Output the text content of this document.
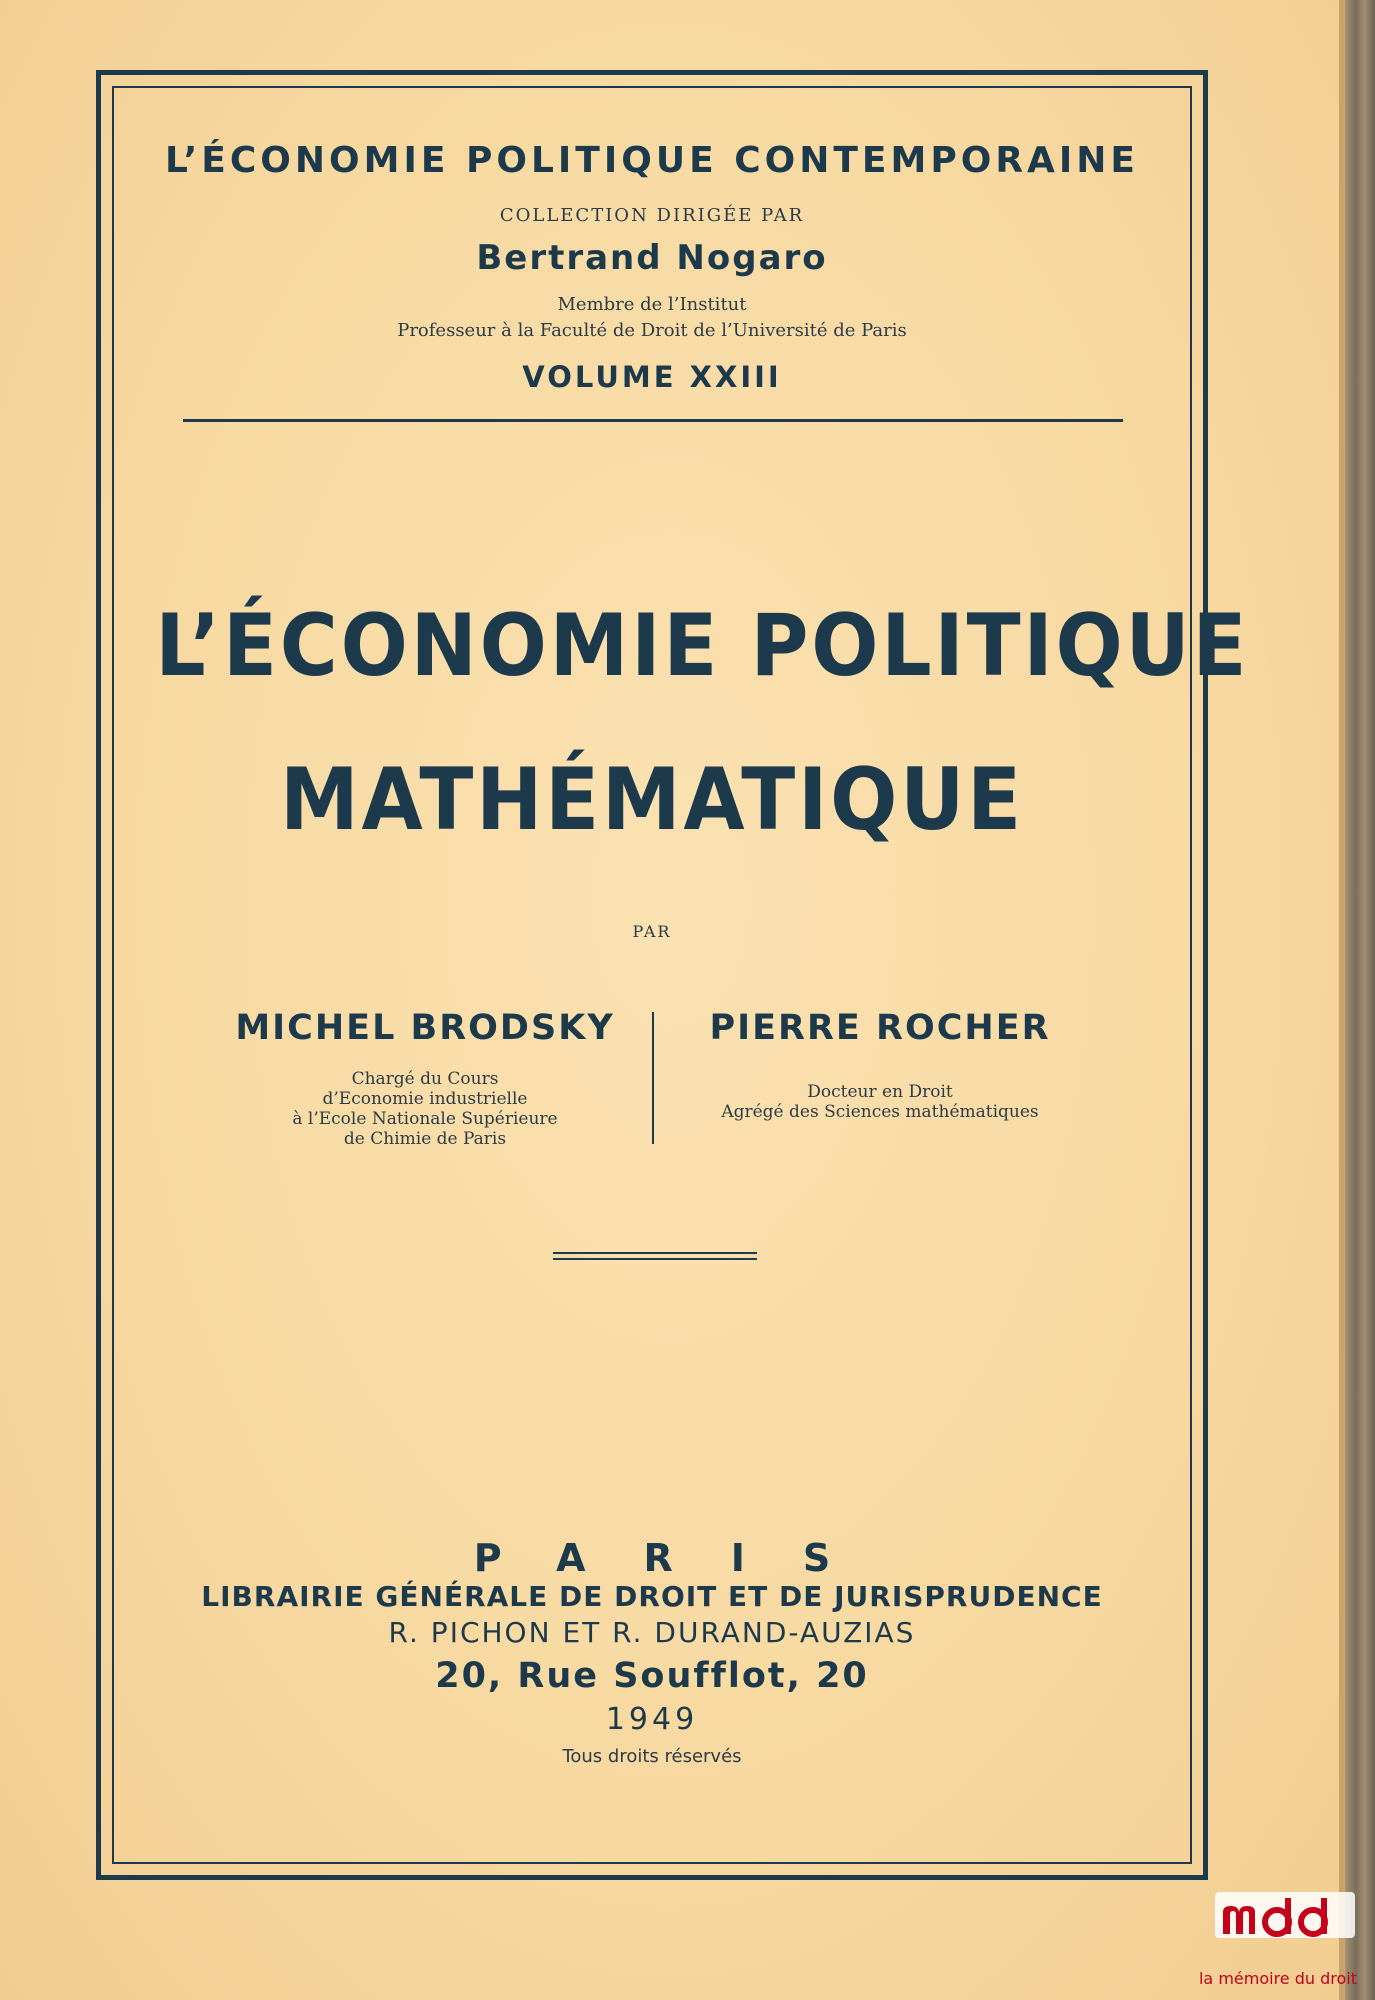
L’ÉCONOMIE POLITIQUE CONTEMPORAINE
COLLECTION DIRIGÉE PAR
Bertrand Nogaro
Membre de l’Institut
Professeur à la Faculté de Droit de l’Université de Paris
VOLUME XXIII
L’ÉCONOMIE POLITIQUE
MATHÉMATIQUE
PAR
MICHEL BRODSKY
Chargé du Cours
d’Economie industrielle
à l’Ecole Nationale Supérieure
de Chimie de Paris
PIERRE ROCHER
Docteur en Droit
Agrégé des Sciences mathématiques
PARIS
LIBRAIRIE GÉNÉRALE DE DROIT ET DE JURISPRUDENCE
R. PICHON ET R. DURAND-AUZIAS
20, Rue Soufflot, 20
1949
Tous droits réservés
la mémoire du droit
